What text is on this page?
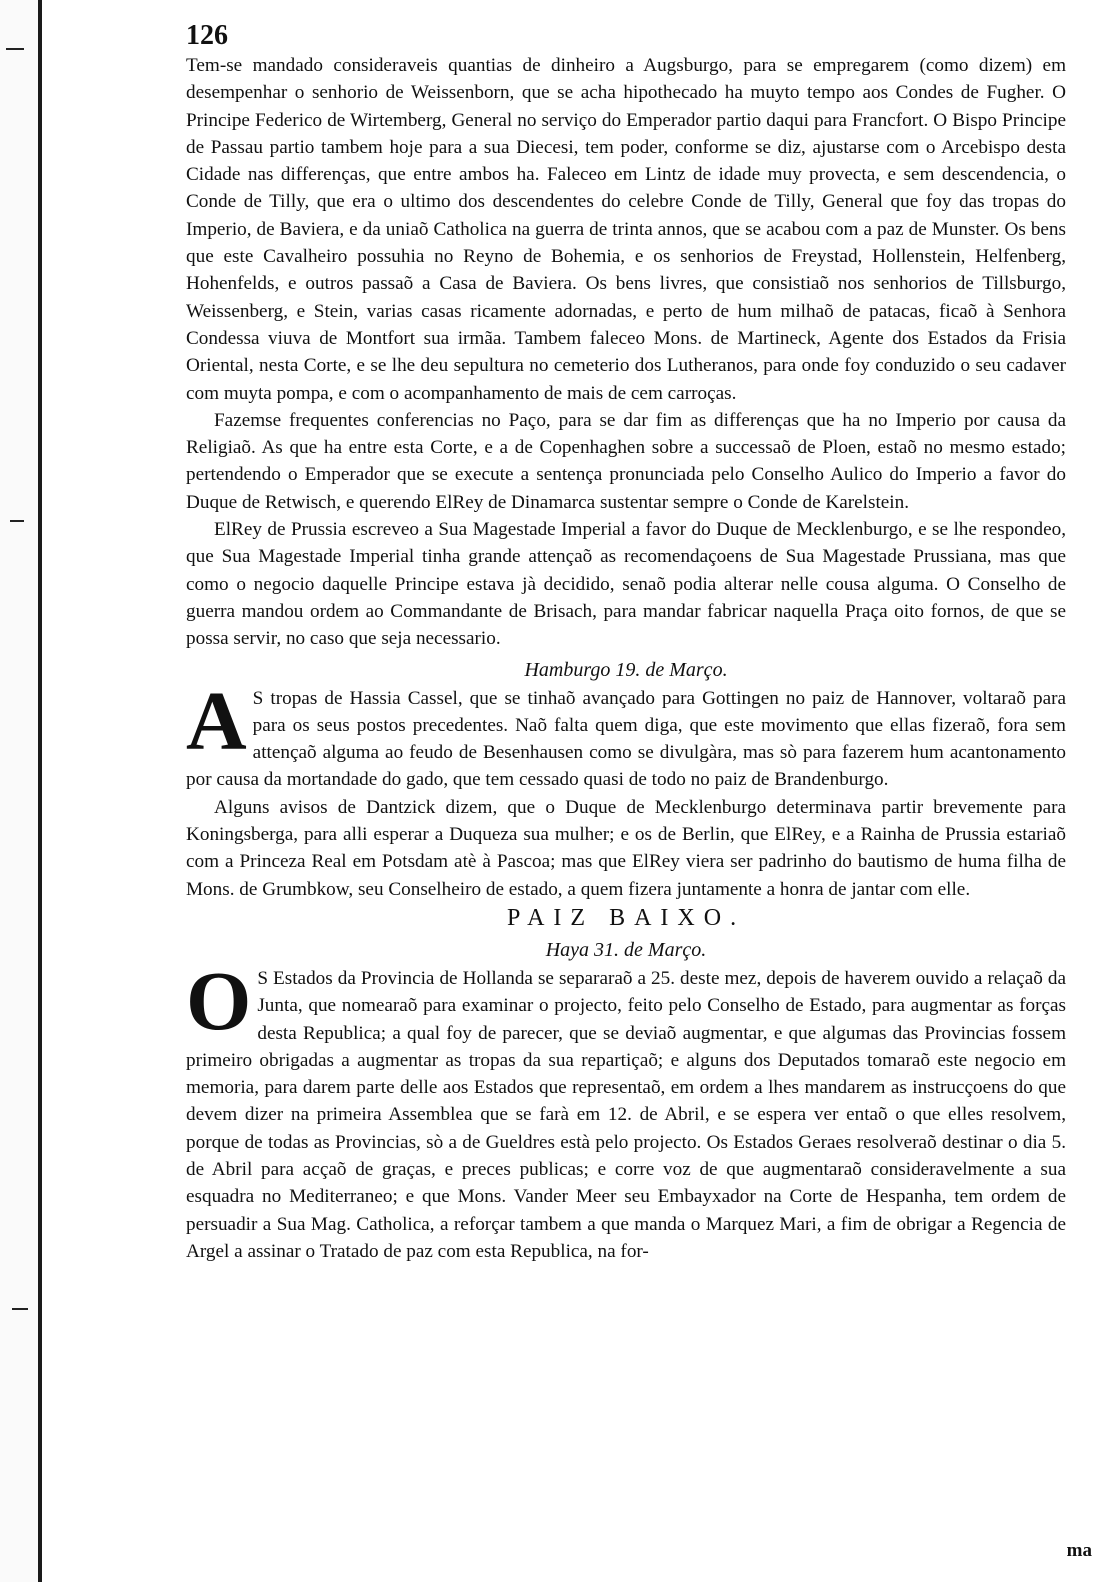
126

Tem-se mandado consideraveis quantias de dinheiro a Augsburgo, para se empregarem (como dizem) em desempenhar o senhorio de Weissenborn, que se acha hipothecado ha muyto tempo aos Condes de Fugher. O Principe Federico de Wirtemberg, General no serviço do Emperador partio daqui para Francfort. O Bispo Principe de Passau partio tambem hoje para a sua Diecesi, tem poder, conforme se diz, ajustarse com o Arcebispo desta Cidade nas differenças, que entre ambos ha. Faleceo em Lintz de idade muy provecta, e sem descendencia, o Conde de Tilly, que era o ultimo dos descendentes do celebre Conde de Tilly, General que foy das tropas do Imperio, de Baviera, e da uniaõ Catholica na guerra de trinta annos, que se acabou com a paz de Munster. Os bens que este Cavalheiro possuhia no Reyno de Bohemia, e os senhorios de Freystad, Hollenstein, Helfenberg, Hohenfelds, e outros passaõ a Casa de Baviera. Os bens livres, que consistiaõ nos senhorios de Tillsburgo, Weissenberg, e Stein, varias casas ricamente adornadas, e perto de hum milhaõ de patacas, ficaõ à Senhora Condessa viuva de Montfort sua irmãa. Tambem faleceo Mons. de Martineck, Agente dos Estados da Frisia Oriental, nesta Corte, e se lhe deu sepultura no cemeterio dos Lutheranos, para onde foy conduzido o seu cadaver com muyta pompa, e com o acompanhamento de mais de cem carroças.

Fazemse frequentes conferencias no Paço, para se dar fim as differenças que ha no Imperio por causa da Religiaõ. As que ha entre esta Corte, e a de Copenhaghen sobre a successaõ de Ploen, estaõ no mesmo estado; pertendendo o Emperador que se execute a sentença pronunciada pelo Conselho Aulico do Imperio a favor do Duque de Retwisch, e querendo ElRey de Dinamarca sustentar sempre o Conde de Karelstein.

ElRey de Prussia escreveo a Sua Magestade Imperial a favor do Duque de Mecklenburgo, e se lhe respondeo, que Sua Magestade Imperial tinha grande attençaõ as recomendaçoens de Sua Magestade Prussiana, mas que como o negocio daquelle Principe estava jà decidido, senaõ podia alterar nelle cousa alguma. O Conselho de guerra mandou ordem ao Commandante de Brisach, para mandar fabricar naquella Praça oito fornos, de que se possa servir, no caso que seja necessario.

Hamburgo 19. de Março.

A S tropas de Hassia Cassel, que se tinhaõ avançado para Gottingen no paiz de Hannover, voltaraõ para para os seus postos precedentes. Naõ falta quem diga, que este movimento que ellas fizeraõ, fora sem attençaõ alguma ao feudo de Besenhausen como se divulgàra, mas sò para fazerem hum acantonamento por causa da mortandade do gado, que tem cessado quasi de todo no paiz de Brandenburgo.

Alguns avisos de Dantzick dizem, que o Duque de Mecklenburgo determinava partir brevemente para Koningsberga, para alli esperar a Duqueza sua mulher; e os de Berlin, que ElRey, e a Rainha de Prussia estariaõ com a Princeza Real em Potsdam atè à Pascoa; mas que ElRey viera ser padrinho do bautismo de huma filha de Mons. de Grumbkow, seu Conselheiro de estado, a quem fizera juntamente a honra de jantar com elle.

PAIZ BAIXO.
Haya 31. de Março.

O S Estados da Provincia de Hollanda se separaraõ a 25. deste mez, depois de haverem ouvido a relaçaõ da Junta, que nomearaõ para examinar o projecto, feito pelo Conselho de Estado, para augmentar as forças desta Republica; a qual foy de parecer, que se deviaõ augmentar, e que algumas das Provincias fossem primeiro obrigadas a augmentar as tropas da sua repartiçaõ; e alguns dos Deputados tomaraõ este negocio em memoria, para darem parte delle aos Estados que representaõ, em ordem a lhes mandarem as instrucçoens do que devem dizer na primeira Assemblea que se farà em 12. de Abril, e se espera ver entaõ o que elles resolvem, porque de todas as Provincias, sò a de Gueldres està pelo projecto. Os Estados Geraes resolveraõ destinar o dia 5. de Abril para acçaõ de graças, e preces publicas; e corre voz de que augmentaraõ consideravelmente a sua esquadra no Mediterraneo; e que Mons. Vander Meer seu Embayxador na Corte de Hespanha, tem ordem de persuadir a Sua Mag. Catholica, a reforçar tambem a que manda o Marquez Mari, a fim de obrigar a Regencia de Argel a assinar o Tratado de paz com esta Republica, na for-

ma
